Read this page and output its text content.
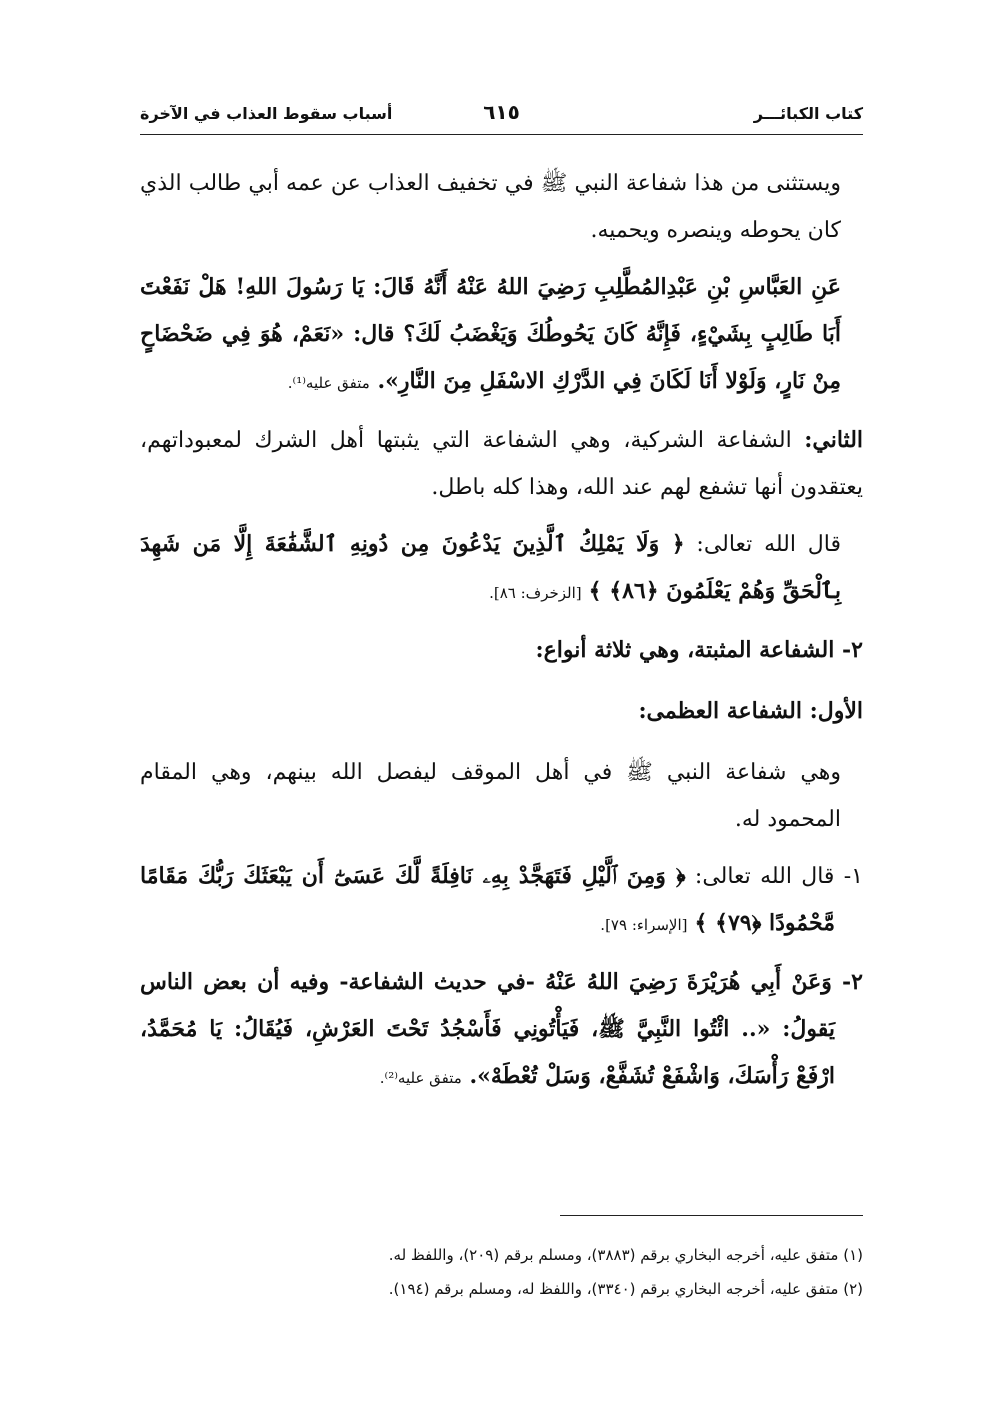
كتاب الكبائـــر
٦١٥
أسباب سقوط العذاب في الآخرة

ويستثنى من هذا شفاعة النبي ﷺ في تخفيف العذاب عن عمه أبي طالب الذي كان يحوطه وينصره ويحميه.

عَنِ العَبَّاسِ بْنِ عَبْدِالمُطَّلِبِ رَضِيَ اللهُ عَنْهُ أَنَّهُ قَالَ: يَا رَسُولَ اللهِ! هَلْ نَفَعْتَ أَبَا طَالِبٍ بِشَيْءٍ، فَإِنَّهُ كَانَ يَحُوطُكَ وَيَغْضَبُ لَكَ؟ قال: «نَعَمْ، هُوَ فِي ضَحْضَاحٍ مِنْ نَارٍ، وَلَوْلا أَنَا لَكَانَ فِي الدَّرْكِ الاسْفَلِ مِنَ النَّارِ». متفق عليه⁽¹⁾.

الثاني: الشفاعة الشركية، وهي الشفاعة التي يثبتها أهل الشرك لمعبوداتهم، يعتقدون أنها تشفع لهم عند الله، وهذا كله باطل.

قال الله تعالى: ﴿ وَلَا يَمْلِكُ ٱلَّذِينَ يَدْعُونَ مِن دُونِهِ ٱلشَّفَٰعَةَ إِلَّا مَن شَهِدَ بِٱلْحَقِّ وَهُمْ يَعْلَمُونَ ﴿٨٦﴾ ﴾ [الزخرف: ٨٦].

٢- الشفاعة المثبتة، وهي ثلاثة أنواع:
الأول: الشفاعة العظمى:

وهي شفاعة النبي ﷺ في أهل الموقف ليفصل الله بينهم، وهي المقام المحمود له.

١- قال الله تعالى: ﴿ وَمِنَ ٱلَّيْلِ فَتَهَجَّدْ بِهِۦ نَافِلَةً لَّكَ عَسَىٰٓ أَن يَبْعَثَكَ رَبُّكَ مَقَامًا مَّحْمُودًا ﴿٧٩﴾ ﴾ [الإسراء: ٧٩].

٢- وَعَنْ أَبِي هُرَيْرَةَ رَضِيَ اللهُ عَنْهُ -في حديث الشفاعة- وفيه أن بعض الناس يَقولُ: «.. ائْتُوا النَّبِيَّ ﷺ، فَيَأْتُونِي فَأَسْجُدُ تَحْتَ العَرْشِ، فَيُقَالُ: يَا مُحَمَّدُ، ارْفَعْ رَأْسَكَ، وَاشْفَعْ تُشَفَّعْ، وَسَلْ تُعْطَهْ». متفق عليه⁽²⁾.

(١) متفق عليه، أخرجه البخاري برقم (٣٨٨٣)، ومسلم برقم (٢٠٩)، واللفظ له.
(٢) متفق عليه، أخرجه البخاري برقم (٣٣٤٠)، واللفظ له، ومسلم برقم (١٩٤).
